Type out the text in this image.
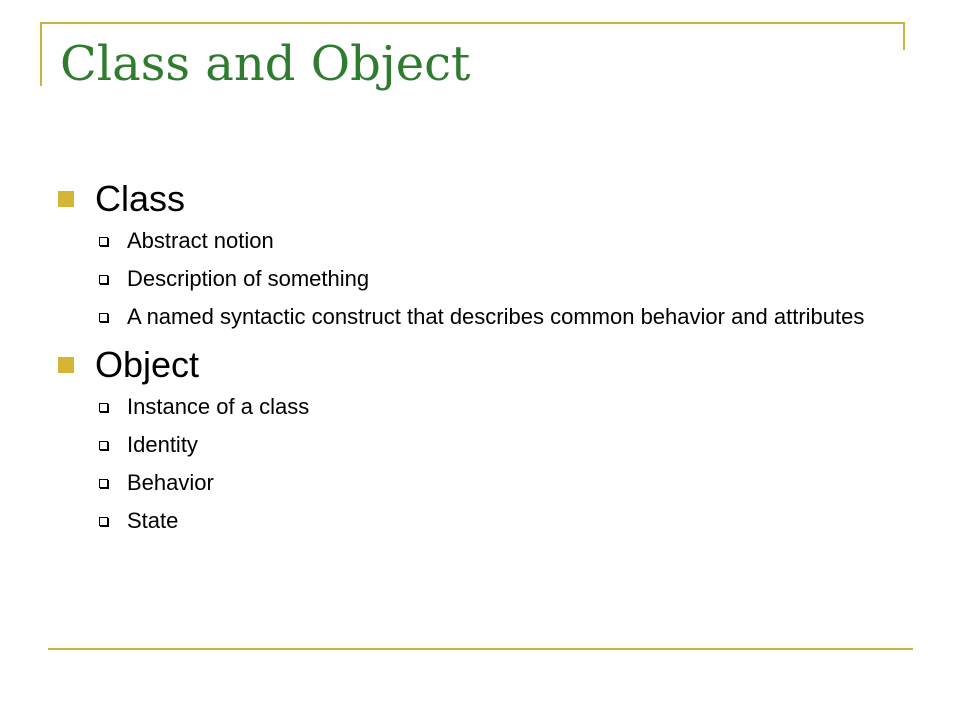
Class and Object
Class
Abstract notion
Description of something
A named syntactic construct that describes common behavior and attributes
Object
Instance of a class
Identity
Behavior
State
